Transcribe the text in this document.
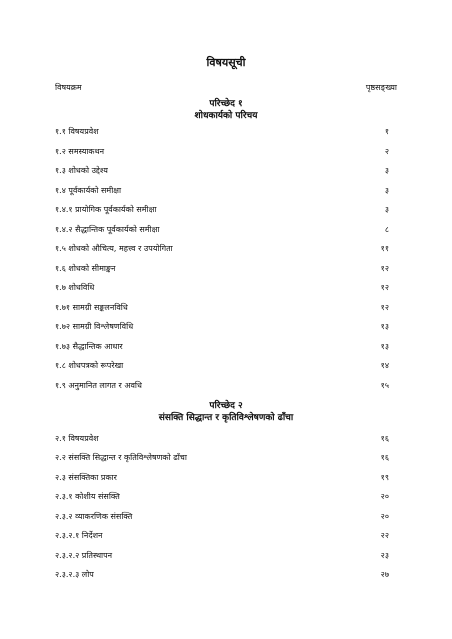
विषयसूची
विषयक्रम	पृष्ठसङ्ख्या
परिच्छेद १
शोधकार्यको परिचय
१.१ विषयप्रवेश	१
१.२ समस्याकथन	२
१.३ शोधको उद्देश्य	३
१.४ पूर्वकार्यको समीक्षा	३
१.४.१ प्रायोगिक पूर्वकार्यको समीक्षा	३
१.४.२ सैद्धान्तिक पूर्वकार्यको समीक्षा	८
१.५ शोधको औचित्य, महत्त्व र उपयोगिता	११
१.६ शोधको सीमाङ्कन	१२
१.७ शोधविधि	१२
१.७१ सामग्री सङ्कलनविधि	१२
१.७२ सामग्री विश्लेषणविधि	१३
१.७३ सैद्धान्तिक आधार	१३
१.८ शोधपत्रको रूपरेखा	१४
१.९ अनुमानित लागत र अवधि	१५
परिच्छेद २
संसक्ति सिद्धान्त र कृतिविश्लेषणको ढाँचा
२.१ विषयप्रवेश	१६
२.२ संसक्ति सिद्धान्त र कृतिविश्लेषणको ढाँचा	१६
२.३ संसक्तिका प्रकार	१९
२.३.१ कोशीय संसक्ति	२०
२.३.२ व्याकरणिक संसक्ति	२०
२.३.२.१ निर्देशन	२२
२.३.२.२ प्रतिस्थापन	२३
२.३.२.३ लोप	२७
